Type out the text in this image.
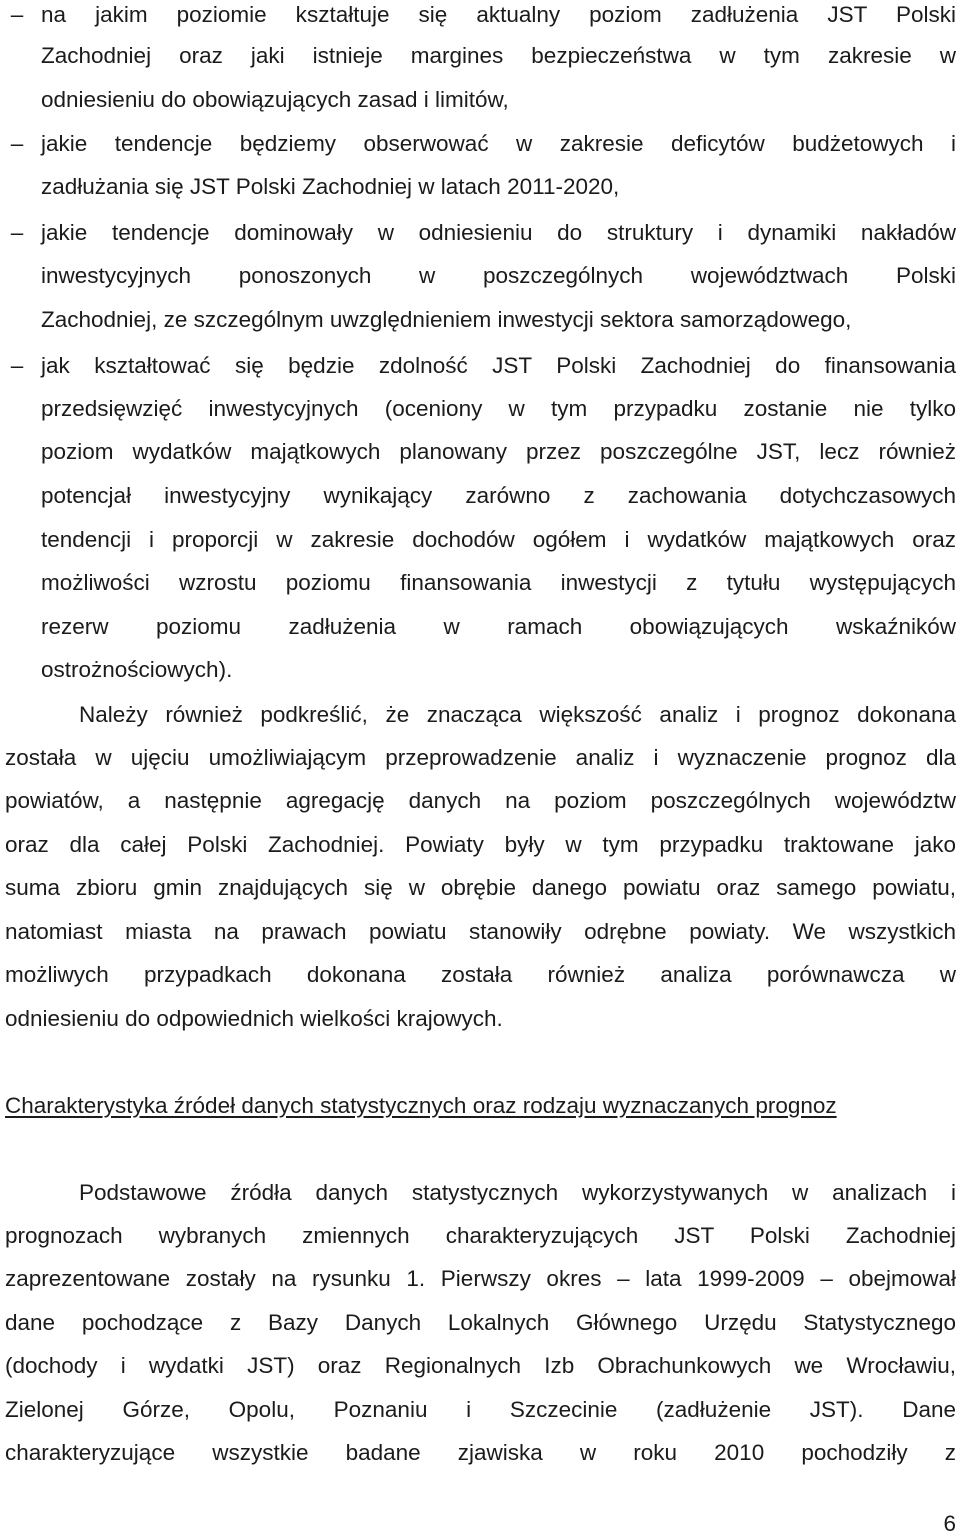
– na jakim poziomie kształtuje się aktualny poziom zadłużenia JST Polski

Zachodniej oraz jaki istnieje margines bezpieczeństwa w tym zakresie w

odniesieniu do obowiązujących zasad i limitów,

– jakie tendencje będziemy obserwować w zakresie deficytów budżetowych i

zadłużania się JST Polski Zachodniej w latach 2011-2020,

– jakie tendencje dominowały w odniesieniu do struktury i dynamiki nakładów

inwestycyjnych ponoszonych w poszczególnych województwach Polski

Zachodniej, ze szczególnym uwzględnieniem inwestycji sektora samorządowego,

– jak kształtować się będzie zdolność JST Polski Zachodniej do finansowania

przedsięwzięć inwestycyjnych (oceniony w tym przypadku zostanie nie tylko

poziom wydatków majątkowych planowany przez poszczególne JST, lecz również

potencjał inwestycyjny wynikający zarówno z zachowania dotychczasowych

tendencji i proporcji w zakresie dochodów ogółem i wydatków majątkowych oraz

możliwości wzrostu poziomu finansowania inwestycji z tytułu występujących

rezerw poziomu zadłużenia w ramach obowiązujących wskaźników

ostrożnościowych).

Należy również podkreślić, że znacząca większość analiz i prognoz dokonana

została w ujęciu umożliwiającym przeprowadzenie analiz i wyznaczenie prognoz dla

powiatów, a następnie agregację danych na poziom poszczególnych województw

oraz dla całej Polski Zachodniej. Powiaty były w tym przypadku traktowane jako

suma zbioru gmin znajdujących się w obrębie danego powiatu oraz samego powiatu,

natomiast miasta na prawach powiatu stanowiły odrębne powiaty. We wszystkich

możliwych przypadkach dokonana została również analiza porównawcza w

odniesieniu do odpowiednich wielkości krajowych.

Charakterystyka źródeł danych statystycznych oraz rodzaju wyznaczanych prognoz

Podstawowe źródła danych statystycznych wykorzystywanych w analizach i

prognozach wybranych zmiennych charakteryzujących JST Polski Zachodniej

zaprezentowane zostały na rysunku 1. Pierwszy okres – lata 1999-2009 – obejmował

dane pochodzące z Bazy Danych Lokalnych Głównego Urzędu Statystycznego

(dochody i wydatki JST) oraz Regionalnych Izb Obrachunkowych we Wrocławiu,

Zielonej Górze, Opolu, Poznaniu i Szczecinie (zadłużenie JST). Dane

charakteryzujące wszystkie badane zjawiska w roku 2010 pochodziły z

6
